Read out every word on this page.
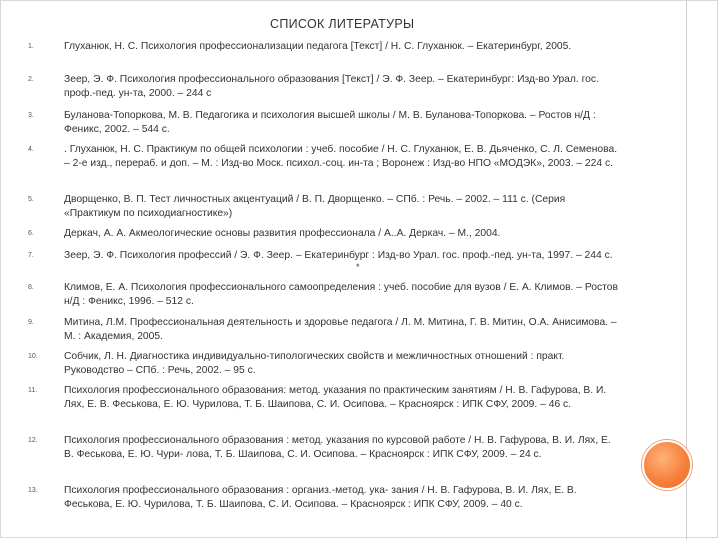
СПИСОК ЛИТЕРАТУРЫ
1.	Глуханюк, Н. С. Психология профессионализации педагога [Текст] / Н. С. Глуханюк. – Екатеринбург, 2005.
2.	Зеер, Э. Ф. Психология профессионального образования [Текст] / Э. Ф. Зеер. – Екатеринбург: Изд-во Урал. гос. проф.-пед. ун-та, 2000. – 244 с
3.	Буланова-Топоркова, М. В. Педагогика и психология высшей школы / М. В. Буланова-Топоркова. – Ростов н/Д : Феникс, 2002. – 544 с.
4.	. Глуханюк, Н. С. Практикум по общей психологии : учеб. пособие / Н. С. Глуханюк, Е. В. Дьяченко, С. Л. Семенова. – 2-е изд., перераб. и доп. – М. : Изд-во Моск. психол.-соц. ин-та ; Воронеж : Изд-во НПО «МОДЭК», 2003. – 224 с.
5.	Дворщенко, В. П. Тест личностных акцентуаций / В. П. Дворщенко. – СПб. : Речь. – 2002. – 111 с. (Серия «Практикум по психодиагностике»)
6.	Деркач, А. А. Акмеологические основы развития профессионала / А..А. Деркач. – М., 2004.
7.	Зеер, Э. Ф. Психология профессий / Э. Ф. Зеер. – Екатеринбург : Изд-во Урал. гос. проф.-пед. ун-та, 1997. – 244 с.
8.	Климов, Е. А. Психология профессионального самоопределения : учеб. пособие для вузов / Е. А. Климов. – Ростов н/Д : Феникс, 1996. – 512 с.
9.	Митина, Л.М. Профессиональная деятельность и здоровье педагога / Л. М. Митина, Г. В. Митин, О.А. Анисимова. – М. : Академия, 2005.
10.	Собчик, Л. Н. Диагностика индивидуально-типологических свойств и межличностных отношений : практ. Руководство – СПб. : Речь, 2002. – 95 с.
11.	Психология профессионального образования: метод. указания по практическим занятиям / Н. В. Гафурова, В. И. Лях, Е. В. Феськова, Е. Ю. Чурилова, Т. Б. Шаипова, С. И. Осипова. – Красноярск : ИПК СФУ, 2009. – 46 с.
12.	Психология профессионального образования : метод. указания по курсовой работе / Н. В. Гафурова, В. И. Лях, Е. В. Феськова, Е. Ю. Чури- лова, Т. Б. Шаипова, С. И. Осипова. – Красноярск : ИПК СФУ, 2009. – 24 с.
13.	Психология профессионального образования : организ.-метод. ука- зания / Н. В. Гафурова, В. И. Лях, Е. В. Феськова, Е. Ю. Чурилова, Т. Б. Шаипова, С. И. Осипова. – Красноярск : ИПК СФУ, 2009. – 40 с.
*
